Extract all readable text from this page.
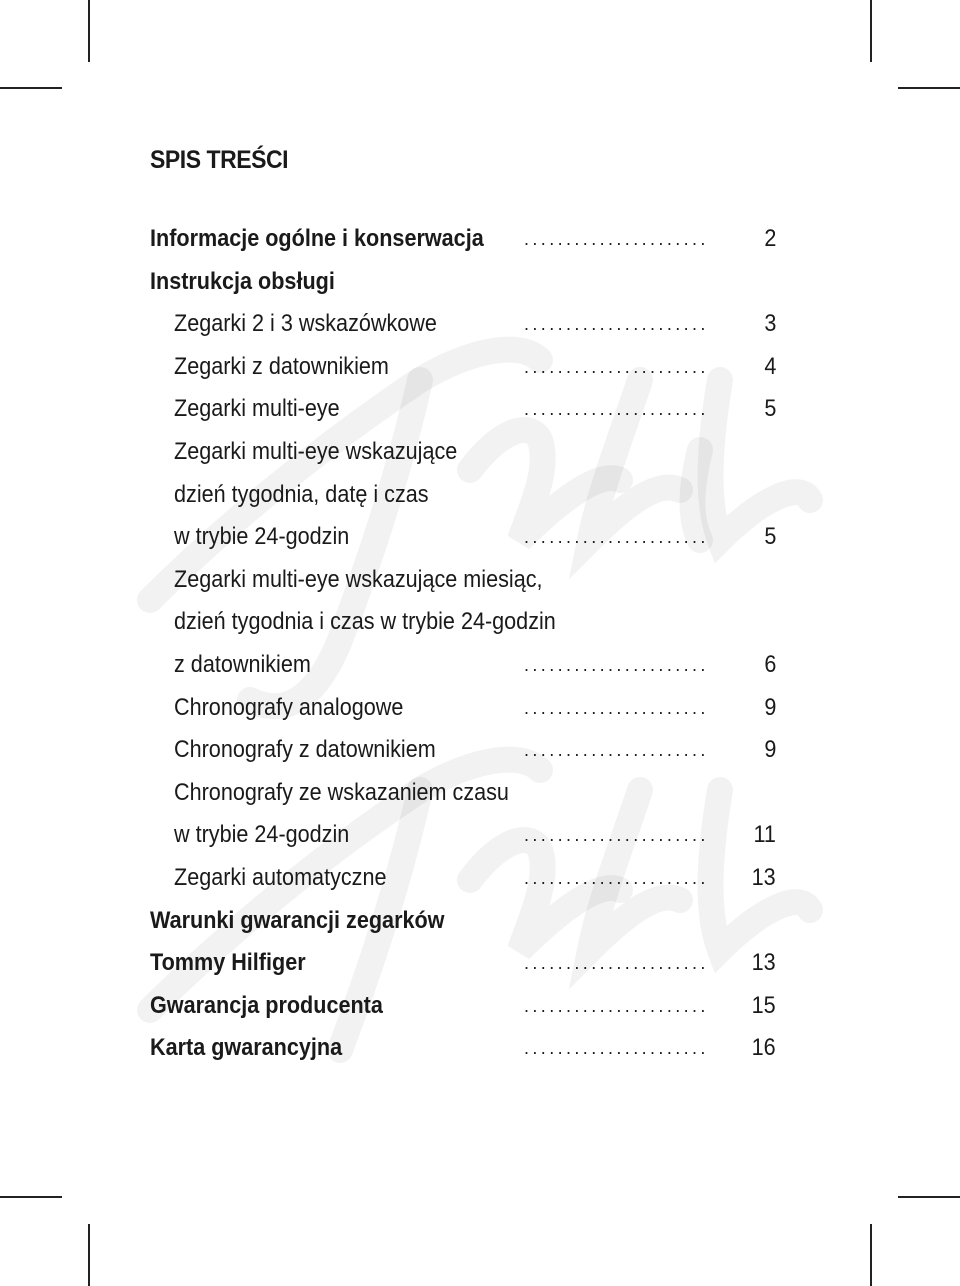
SPIS TREŚCI
Informacje ogólne i konserwacja ......................	2
Instrukcja obsługi
Zegarki 2 i 3 wskazówkowe	......................	3
Zegarki z datownikiem	......................	4
Zegarki multi-eye	......................	5
Zegarki multi-eye wskazujące
dzień tygodnia, datę i czas
w trybie 24-godzin	......................	5
Zegarki multi-eye wskazujące miesiąc,
dzień tygodnia i czas w trybie 24-godzin
z datownikiem	......................	6
Chronografy analogowe	......................	9
Chronografy z datownikiem	......................	9
Chronografy ze wskazaniem czasu
w trybie 24-godzin	......................	11
Zegarki automatyczne	......................	13
Warunki gwarancji zegarków
Tommy Hilfiger	......................	13
Gwarancja producenta	......................	15
Karta gwarancyjna	......................	16
